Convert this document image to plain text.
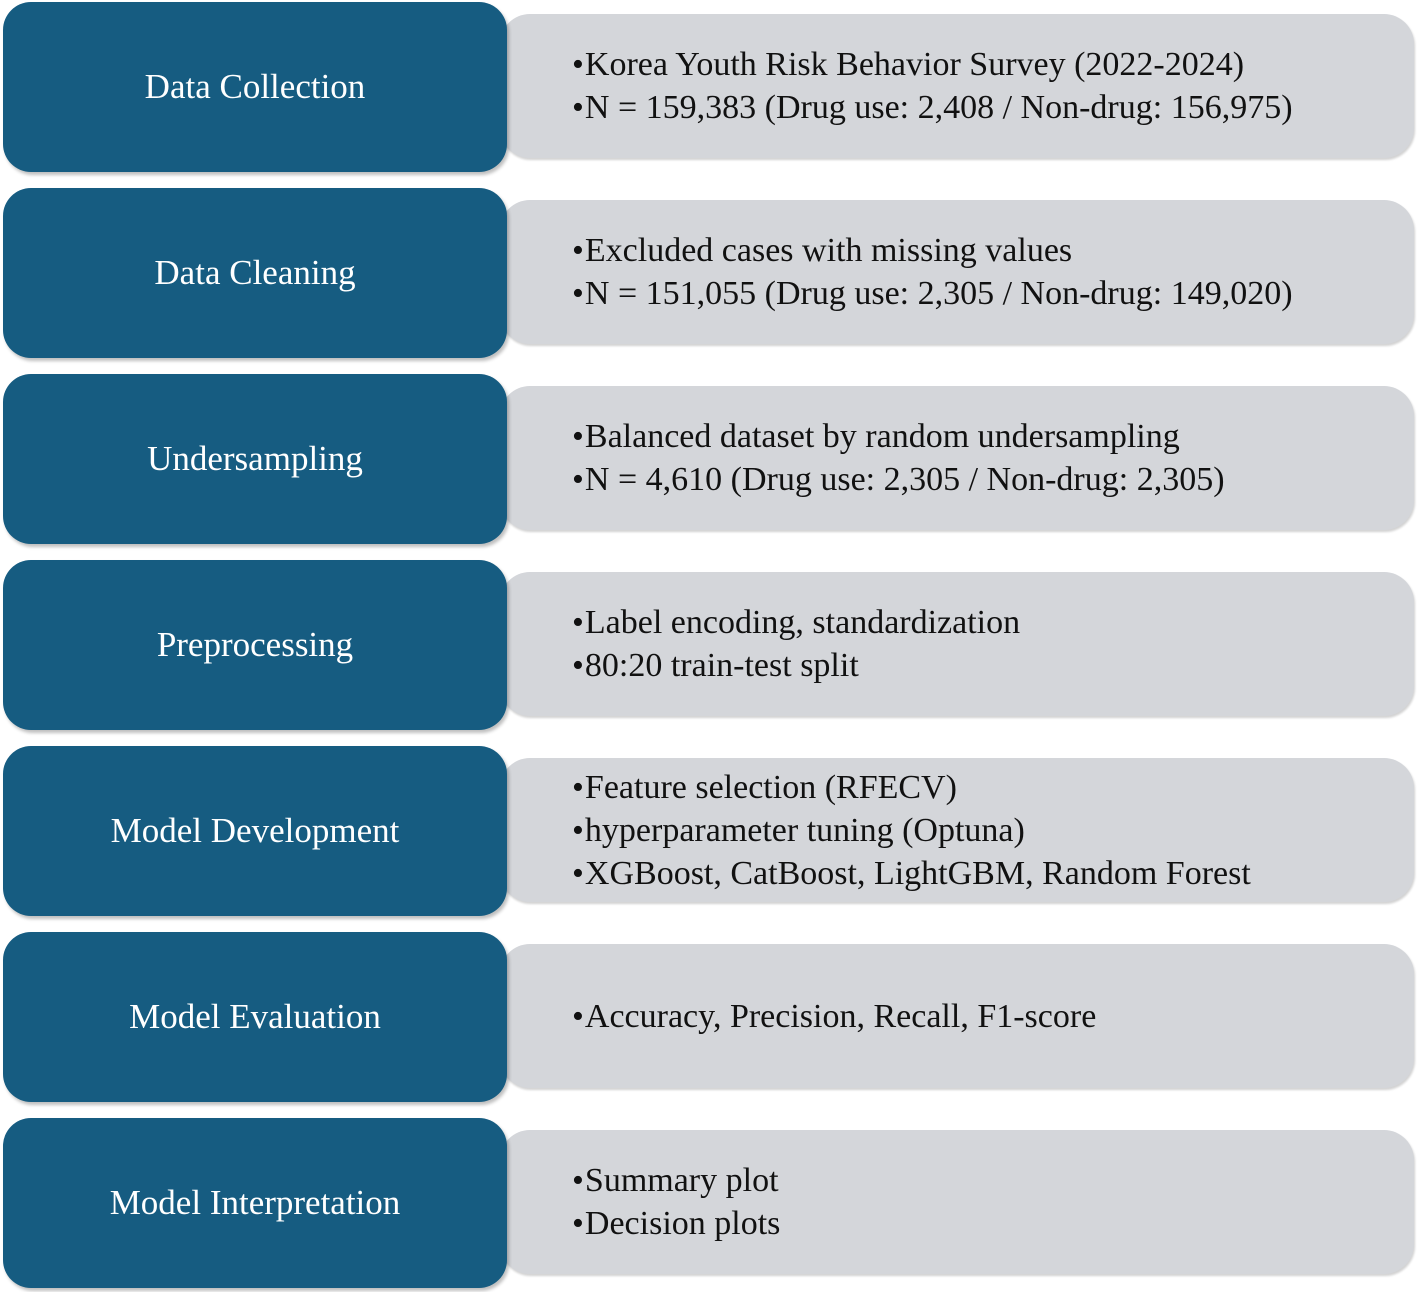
• Korea Youth Risk Behavior Survey (2022-2024)
• N = 159,383 (Drug use: 2,408 / Non-drug: 156,975)
Data Collection
• Excluded cases with missing values
• N = 151,055 (Drug use: 2,305 / Non-drug: 149,020)
Data Cleaning
• Balanced dataset by random undersampling
• N = 4,610 (Drug use: 2,305 / Non-drug: 2,305)
Undersampling
• Label encoding, standardization
• 80:20 train-test split
Preprocessing
• Feature selection (RFECV)
• hyperparameter tuning (Optuna)
• XGBoost, CatBoost, LightGBM, Random Forest
Model Development
• Accuracy, Precision, Recall, F1-score
Model Evaluation
• Summary plot
• Decision plots
Model Interpretation
